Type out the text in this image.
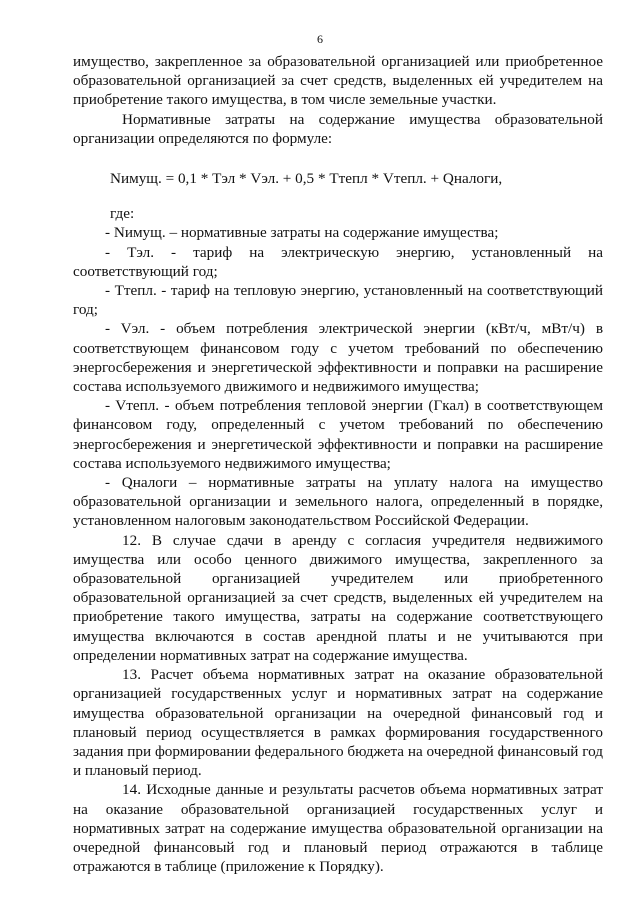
6

имущество, закрепленное за образовательной организацией или приобретенное образовательной организацией за счет средств, выделенных ей учредителем на приобретение такого имущества, в том числе земельные участки.

Нормативные затраты на содержание имущества образовательной организации определяются по формуле:

Nимущ. = 0,1 * Тэл * Vэл. + 0,5 * Ттепл * Vтепл. + Qналоги,

где:

- Nимущ. – нормативные затраты на содержание имущества;

- Тэл. - тариф на электрическую энергию, установленный на соответствующий год;

- Ттепл. - тариф на тепловую энергию, установленный на соответствующий год;

- Vэл. - объем потребления электрической энергии (кВт/ч, мВт/ч) в соответствующем финансовом году с учетом требований по обеспечению энергосбережения и энергетической эффективности и поправки на расширение состава используемого движимого и недвижимого имущества;

- Vтепл. - объем потребления тепловой энергии (Гкал) в соответствующем финансовом году, определенный с учетом требований по обеспечению энергосбережения и энергетической эффективности и поправки на расширение состава используемого недвижимого имущества;

- Qналоги – нормативные затраты на уплату налога на имущество образовательной организации и земельного налога, определенный в порядке, установленном налоговым законодательством Российской Федерации.

12. В случае сдачи в аренду с согласия учредителя недвижимого имущества или особо ценного движимого имущества, закрепленного за образовательной организацией учредителем или приобретенного образовательной организацией за счет средств, выделенных ей учредителем на приобретение такого имущества, затраты на содержание соответствующего имущества включаются в состав арендной платы и не учитываются при определении нормативных затрат на содержание имущества.

13. Расчет объема нормативных затрат на оказание образовательной организацией государственных услуг и нормативных затрат на содержание имущества образовательной организации на очередной финансовый год и плановый период осуществляется в рамках формирования государственного задания при формировании федерального бюджета на очередной финансовый год и плановый период.

14. Исходные данные и результаты расчетов объема нормативных затрат на оказание образовательной организацией государственных услуг и нормативных затрат на содержание имущества образовательной организации на очередной финансовый год и плановый период отражаются в таблице отражаются в таблице (приложение к Порядку).
